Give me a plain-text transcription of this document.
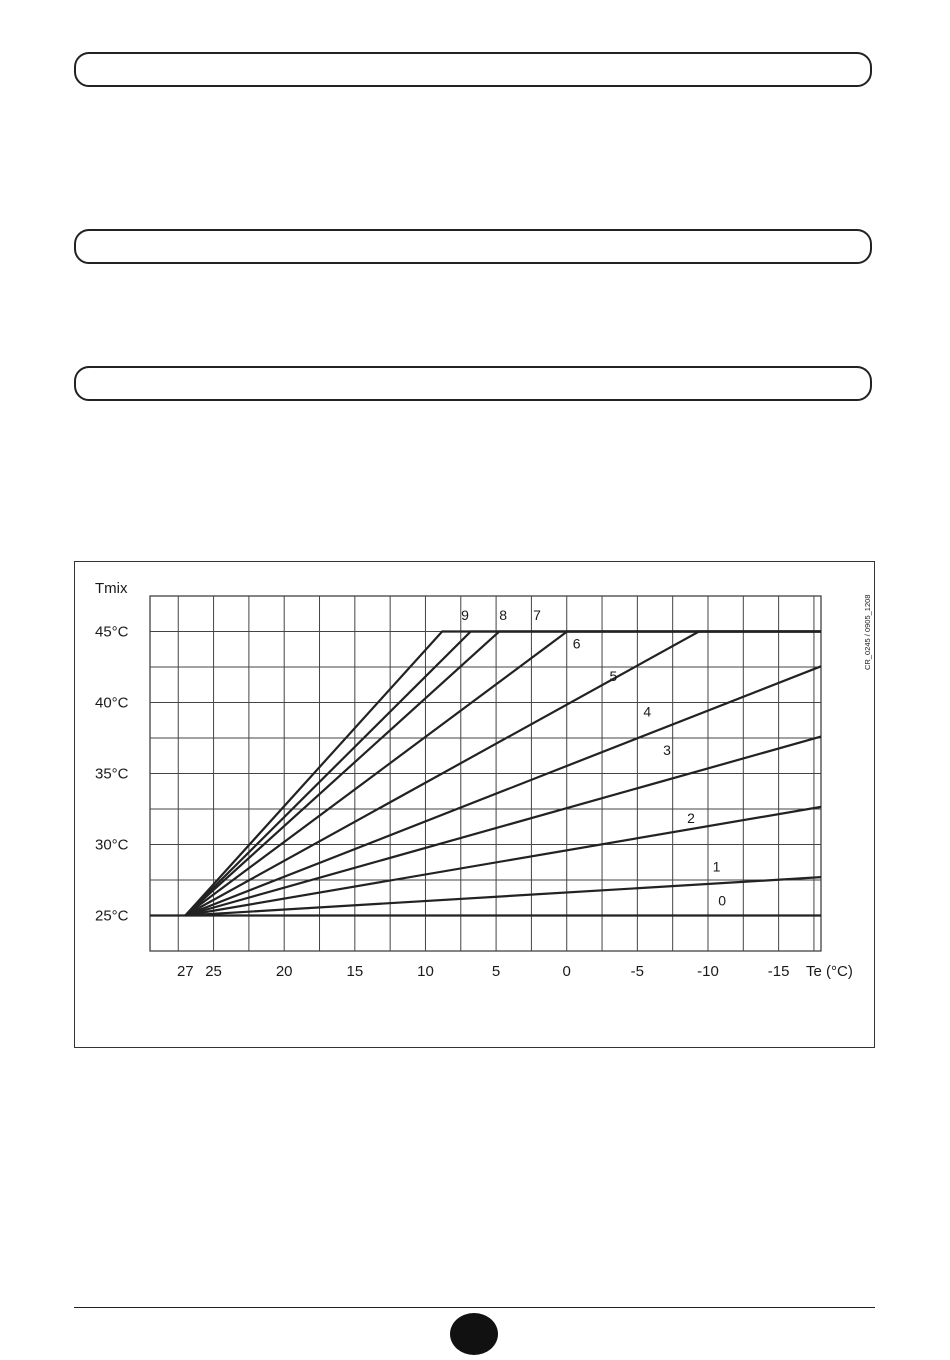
25°C
30°C
35°C
40°C
45°C
27 25	20	15	10	5	0	-5	-10	-15
0
1
2
3
4
5
6
7
8
9
Tmix
Te (°C)
CR_0245 / 0905_1208
